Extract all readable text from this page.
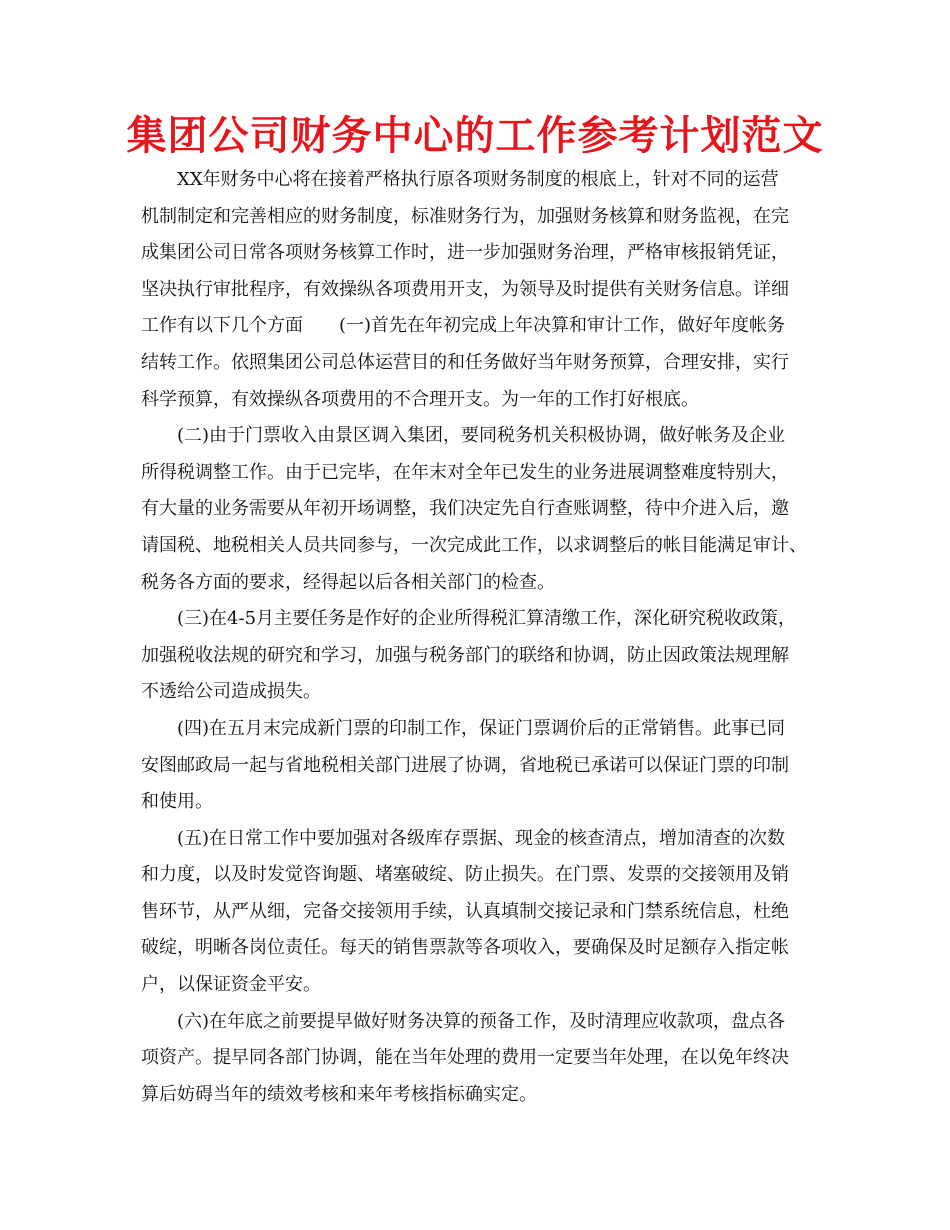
集团公司财务中心的工作参考计划范文
XX年财务中心将在接着严格执行原各项财务制度的根底上，针对不同的运营
机制制定和完善相应的财务制度，标准财务行为，加强财务核算和财务监视，在完
成集团公司日常各项财务核算工作时，进一步加强财务治理，严格审核报销凭证，
坚决执行审批程序，有效操纵各项费用开支，为领导及时提供有关财务信息。详细
工作有以下几个方面　　(一)首先在年初完成上年决算和审计工作，做好年度帐务
结转工作。依照集团公司总体运营目的和任务做好当年财务预算，合理安排，实行
科学预算，有效操纵各项费用的不合理开支。为一年的工作打好根底。
(二)由于门票收入由景区调入集团，要同税务机关积极协调，做好帐务及企业
所得税调整工作。由于已完毕，在年末对全年已发生的业务进展调整难度特别大，
有大量的业务需要从年初开场调整，我们决定先自行查账调整，待中介进入后，邀
请国税、地税相关人员共同参与，一次完成此工作，以求调整后的帐目能满足审计、
税务各方面的要求，经得起以后各相关部门的检查。
(三)在4-5月主要任务是作好的企业所得税汇算清缴工作，深化研究税收政策，
加强税收法规的研究和学习，加强与税务部门的联络和协调，防止因政策法规理解
不透给公司造成损失。
(四)在五月末完成新门票的印制工作，保证门票调价后的正常销售。此事已同
安图邮政局一起与省地税相关部门进展了协调，省地税已承诺可以保证门票的印制
和使用。
(五)在日常工作中要加强对各级库存票据、现金的核查清点，增加清查的次数
和力度，以及时发觉咨询题、堵塞破绽、防止损失。在门票、发票的交接领用及销
售环节，从严从细，完备交接领用手续，认真填制交接记录和门禁系统信息，杜绝
破绽，明晰各岗位责任。每天的销售票款等各项收入，要确保及时足额存入指定帐
户，以保证资金平安。
(六)在年底之前要提早做好财务决算的预备工作，及时清理应收款项，盘点各
项资产。提早同各部门协调，能在当年处理的费用一定要当年处理，在以免年终决
算后妨碍当年的绩效考核和来年考核指标确实定。
